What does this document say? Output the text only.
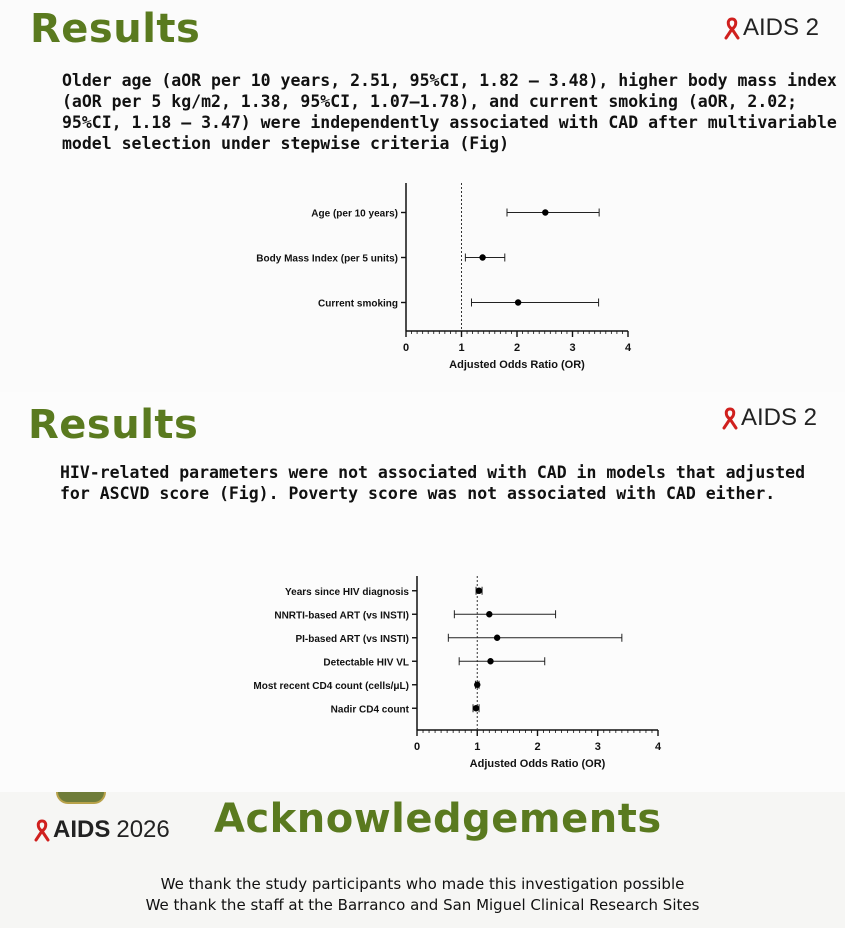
Results	AIDS 2
Older age (aOR per 10 years, 2.51, 95%CI, 1.82 – 3.48), higher body mass index (aOR per 5 kg/m2, 1.38, 95%CI, 1.07–1.78), and current smoking (aOR, 2.02; 95%CI, 1.18 – 3.47) were independently associated with CAD after multivariable model selection under stepwise criteria (Fig)
0	1	2	3	4
Adjusted Odds Ratio (OR)
Age (per 10 years)
Body Mass Index (per 5 units)
Current smoking
Results	AIDS 2
HIV-related parameters were not associated with CAD in models that adjusted for ASCVD score (Fig). Poverty score was not associated with CAD either.
0	1	2	3	4
Adjusted Odds Ratio (OR)
Years since HIV diagnosis
NNRTI-based ART (vs INSTI)
PI-based ART (vs INSTI)
Detectable HIV VL
Most recent CD4 count (cells/μL)
Nadir CD4 count
AIDS 2026 Acknowledgements
We thank the study participants who made this investigation possible
We thank the staff at the Barranco and San Miguel Clinical Research Sites
